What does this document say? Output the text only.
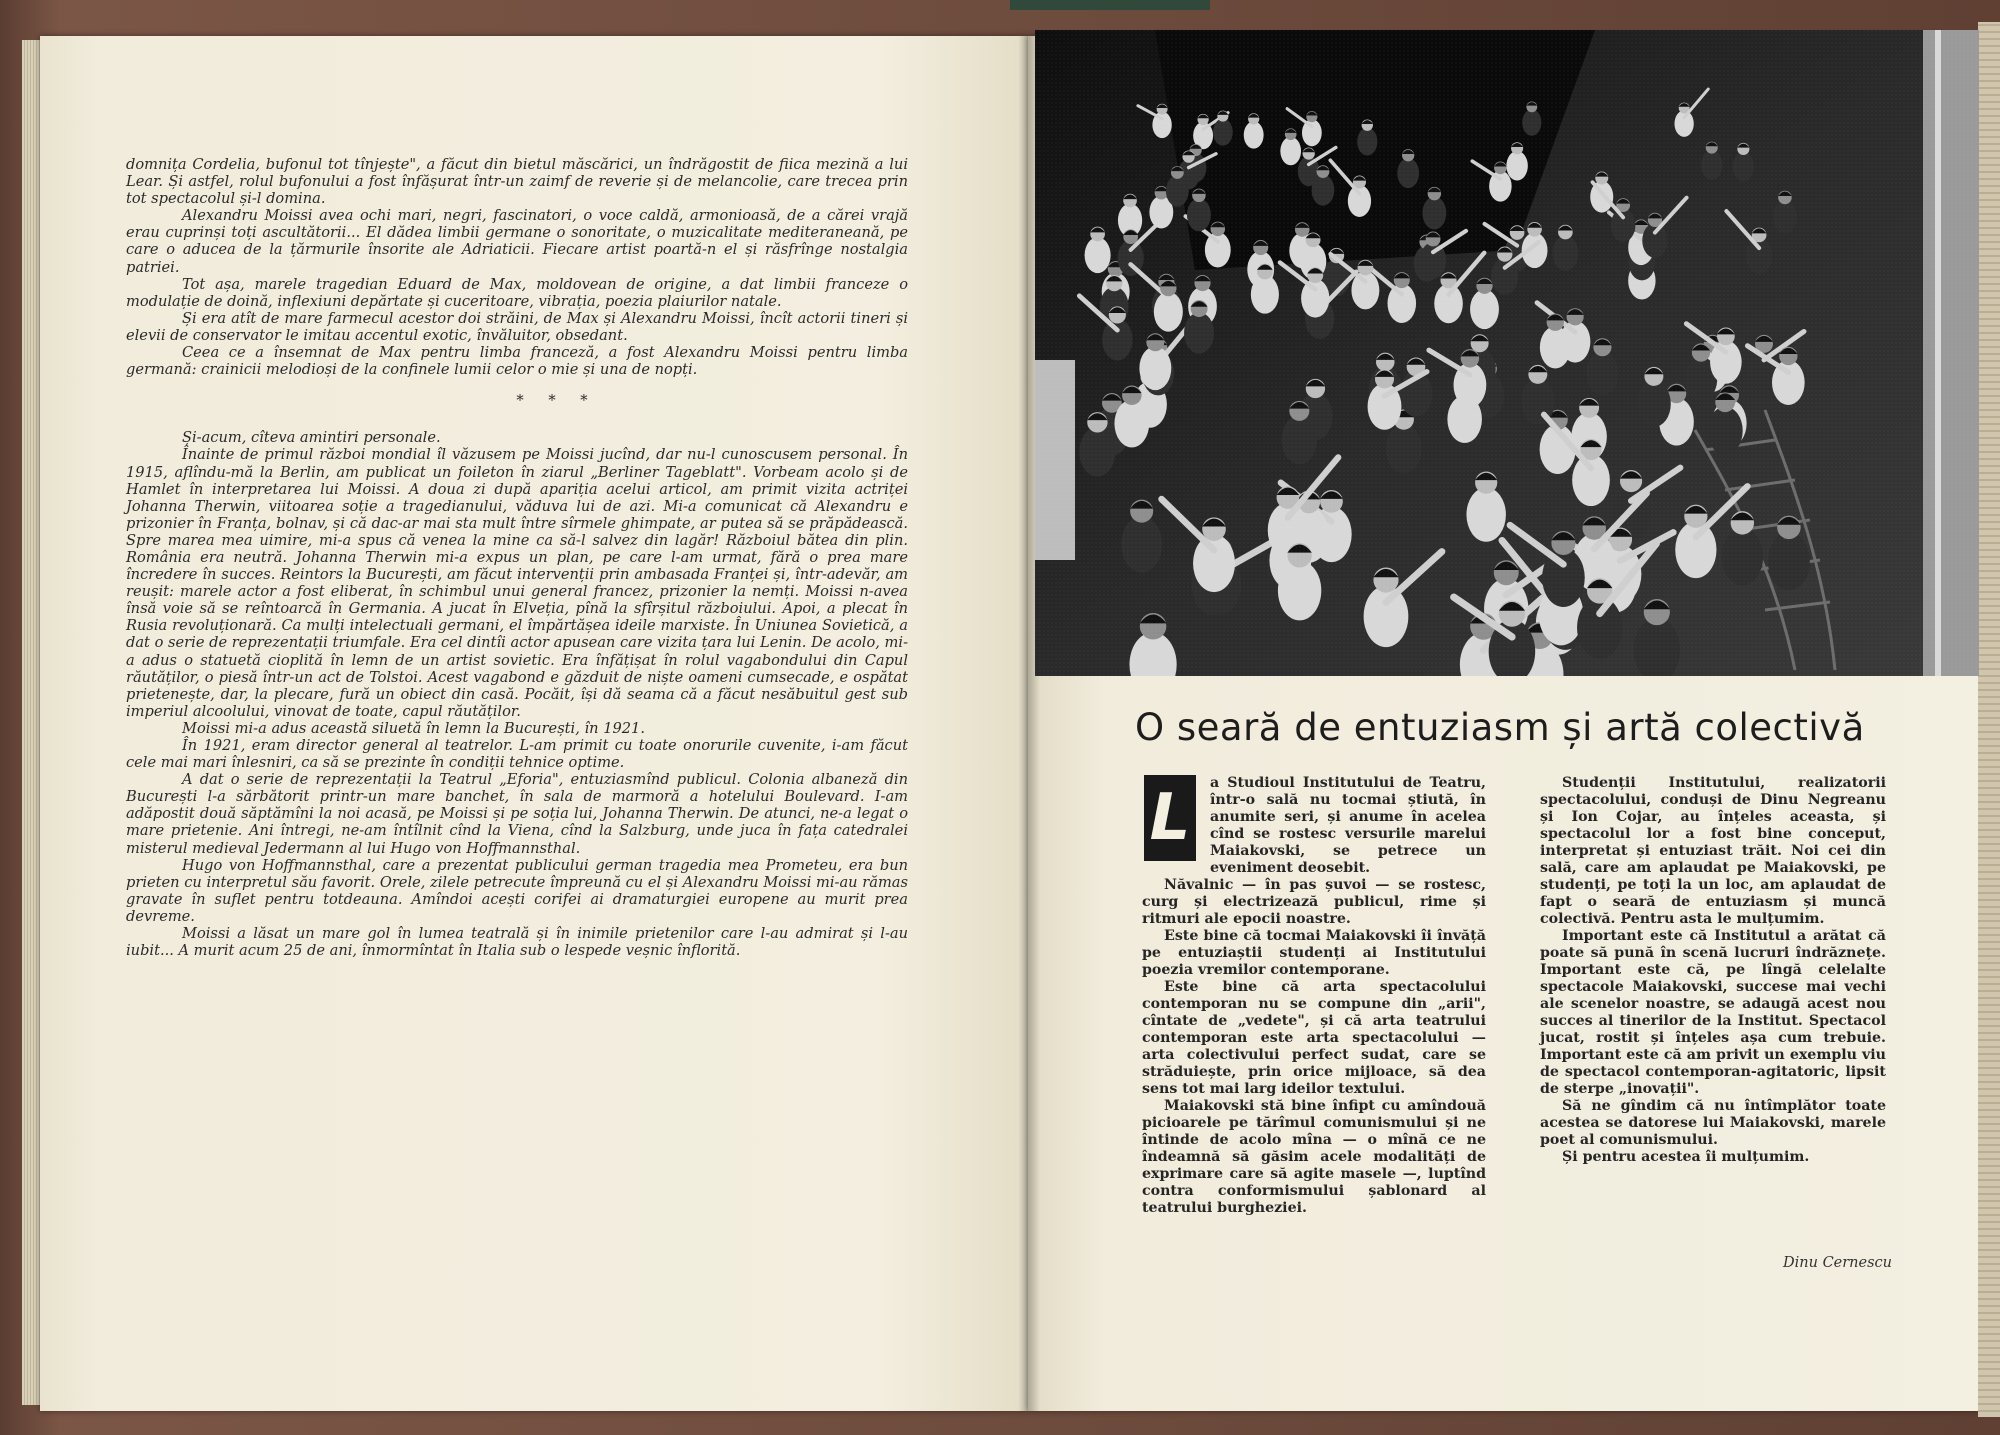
domnița Cordelia, bufonul tot tînjește", a făcut din bietul măscărici, un îndrăgostit de fiica mezină a lui Lear. Și astfel, rolul bufonului a fost înfășurat într-un zaimf de reverie și de melancolie, care trecea prin tot spectacolul și-l domina.

Alexandru Moissi avea ochi mari, negri, fascinatori, o voce caldă, armonioasă, de a cărei vrajă erau cuprinși toți ascultătorii... El dădea limbii germane o sonoritate, o muzicalitate mediteraneană, pe care o aducea de la țărmurile însorite ale Adriaticii. Fiecare artist poartă-n el și răsfrînge nostalgia patriei.

Tot așa, marele tragedian Eduard de Max, moldovean de origine, a dat limbii franceze o modulație de doină, inflexiuni depărtate și cuceritoare, vibrația, poezia plaiurilor natale.

Și era atît de mare farmecul acestor doi străini, de Max și Alexandru Moissi, încît actorii tineri și elevii de conservator le imitau accentul exotic, învăluitor, obsedant.

Ceea ce a însemnat de Max pentru limba franceză, a fost Alexandru Moissi pentru limba germană: crainicii melodioși de la confinele lumii celor o mie și una de nopți.

* * *

Și-acum, cîteva amintiri personale.

Înainte de primul război mondial îl văzusem pe Moissi jucînd, dar nu-l cunoscusem personal. În 1915, aflîndu-mă la Berlin, am publicat un foileton în ziarul „Berliner Tageblatt". Vorbeam acolo și de Hamlet în interpretarea lui Moissi. A doua zi după apariția acelui articol, am primit vizita actriței Johanna Therwin, viitoarea soție a tragedianului, văduva lui de azi. Mi-a comunicat că Alexandru e prizonier în Franța, bolnav, și că dac-ar mai sta mult între sîrmele ghimpate, ar putea să se prăpădească. Spre marea mea uimire, mi-a spus că venea la mine ca să-l salvez din lagăr! Războiul bătea din plin. România era neutră. Johanna Therwin mi-a expus un plan, pe care l-am urmat, fără o prea mare încredere în succes. Reintors la București, am făcut intervenții prin ambasada Franței și, într-adevăr, am reușit: marele actor a fost eliberat, în schimbul unui general francez, prizonier la nemți. Moissi n-avea însă voie să se reîntoarcă în Germania. A jucat în Elveția, pînă la sfîrșitul războiului. Apoi, a plecat în Rusia revoluționară. Ca mulți intelectuali germani, el împărtășea ideile marxiste. În Uniunea Sovietică, a dat o serie de reprezentații triumfale. Era cel dintîi actor apusean care vizita țara lui Lenin. De acolo, mi-a adus o statuetă cioplită în lemn de un artist sovietic. Era înfățișat în rolul vagabondului din Capul răutăților, o piesă într-un act de Tolstoi. Acest vagabond e găzduit de niște oameni cumsecade, e ospătat prietenește, dar, la plecare, fură un obiect din casă. Pocăit, își dă seama că a făcut nesăbuitul gest sub imperiul alcoolului, vinovat de toate, capul răutăților.

Moissi mi-a adus această siluetă în lemn la București, în 1921.

În 1921, eram director general al teatrelor. L-am primit cu toate onorurile cuvenite, i-am făcut cele mai mari înlesniri, ca să se prezinte în condiții tehnice optime.

A dat o serie de reprezentații la Teatrul „Eforia", entuziasmînd publicul. Colonia albaneză din București l-a sărbătorit printr-un mare banchet, în sala de marmoră a hotelului Boulevard. I-am adăpostit două săptămîni la noi acasă, pe Moissi și pe soția lui, Johanna Therwin. De atunci, ne-a legat o mare prietenie. Ani întregi, ne-am întîlnit cînd la Viena, cînd la Salzburg, unde juca în fața catedralei misterul medieval Jedermann al lui Hugo von Hoffmannsthal.

Hugo von Hoffmannsthal, care a prezentat publicului german tragedia mea Prometeu, era bun prieten cu interpretul său favorit. Orele, zilele petrecute împreună cu el și Alexandru Moissi mi-au rămas gravate în suflet pentru totdeauna. Amîndoi acești corifei ai dramaturgiei europene au murit prea devreme.

Moissi a lăsat un mare gol în lumea teatrală și în inimile prietenilor care l-au admirat și l-au iubit... A murit acum 25 de ani, înmormîntat în Italia sub o lespede veșnic înflorită.

O seară de entuziasm și artă colectivă
L	a Studioul Institutului de Teatru, într-o sală nu tocmai știută, în anumite seri, și anume în acelea cînd se rostesc versurile marelui Maiakovski, se petrece un eveniment deosebit.

Năvalnic — în pas șuvoi — se rostesc, curg și electrizează publicul, rime și ritmuri ale epocii noastre.

Este bine că tocmai Maiakovski îi învăță pe entuziaștii studenți ai Institutului poezia vremilor contemporane.

Este bine că arta spectacolului contemporan nu se compune din „arii", cîntate de „vedete", și că arta teatrului contemporan este arta spectacolului — arta colectivului perfect sudat, care se străduiește, prin orice mijloace, să dea sens tot mai larg ideilor textului.

Maiakovski stă bine înfipt cu amîndouă picioarele pe tărîmul comunismului și ne întinde de acolo mîna — o mînă ce ne îndeamnă să găsim acele modalități de exprimare care să agite masele —, luptînd contra conformismului șablonard al teatrului burgheziei.

Studenții Institutului, realizatorii spectacolului, conduși de Dinu Negreanu și Ion Cojar, au înțeles aceasta, și spectacolul lor a fost bine conceput, interpretat și entuziast trăit. Noi cei din sală, care am aplaudat pe Maiakovski, pe studenți, pe toți la un loc, am aplaudat de fapt o seară de entuziasm și muncă colectivă. Pentru asta le mulțumim.

Important este că Institutul a arătat că poate să pună în scenă lucruri îndrăznețe. Important este că, pe lîngă celelalte spectacole Maiakovski, succese mai vechi ale scenelor noastre, se adaugă acest nou succes al tinerilor de la Institut. Spectacol jucat, rostit și înțeles așa cum trebuie. Important este că am privit un exemplu viu de spectacol contemporan-agitatoric, lipsit de sterpe „inovații".

Să ne gîndim că nu întîmplător toate acestea se datorese lui Maiakovski, marele poet al comunismului.

Și pentru acestea îi mulțumim.

Dinu Cernescu
